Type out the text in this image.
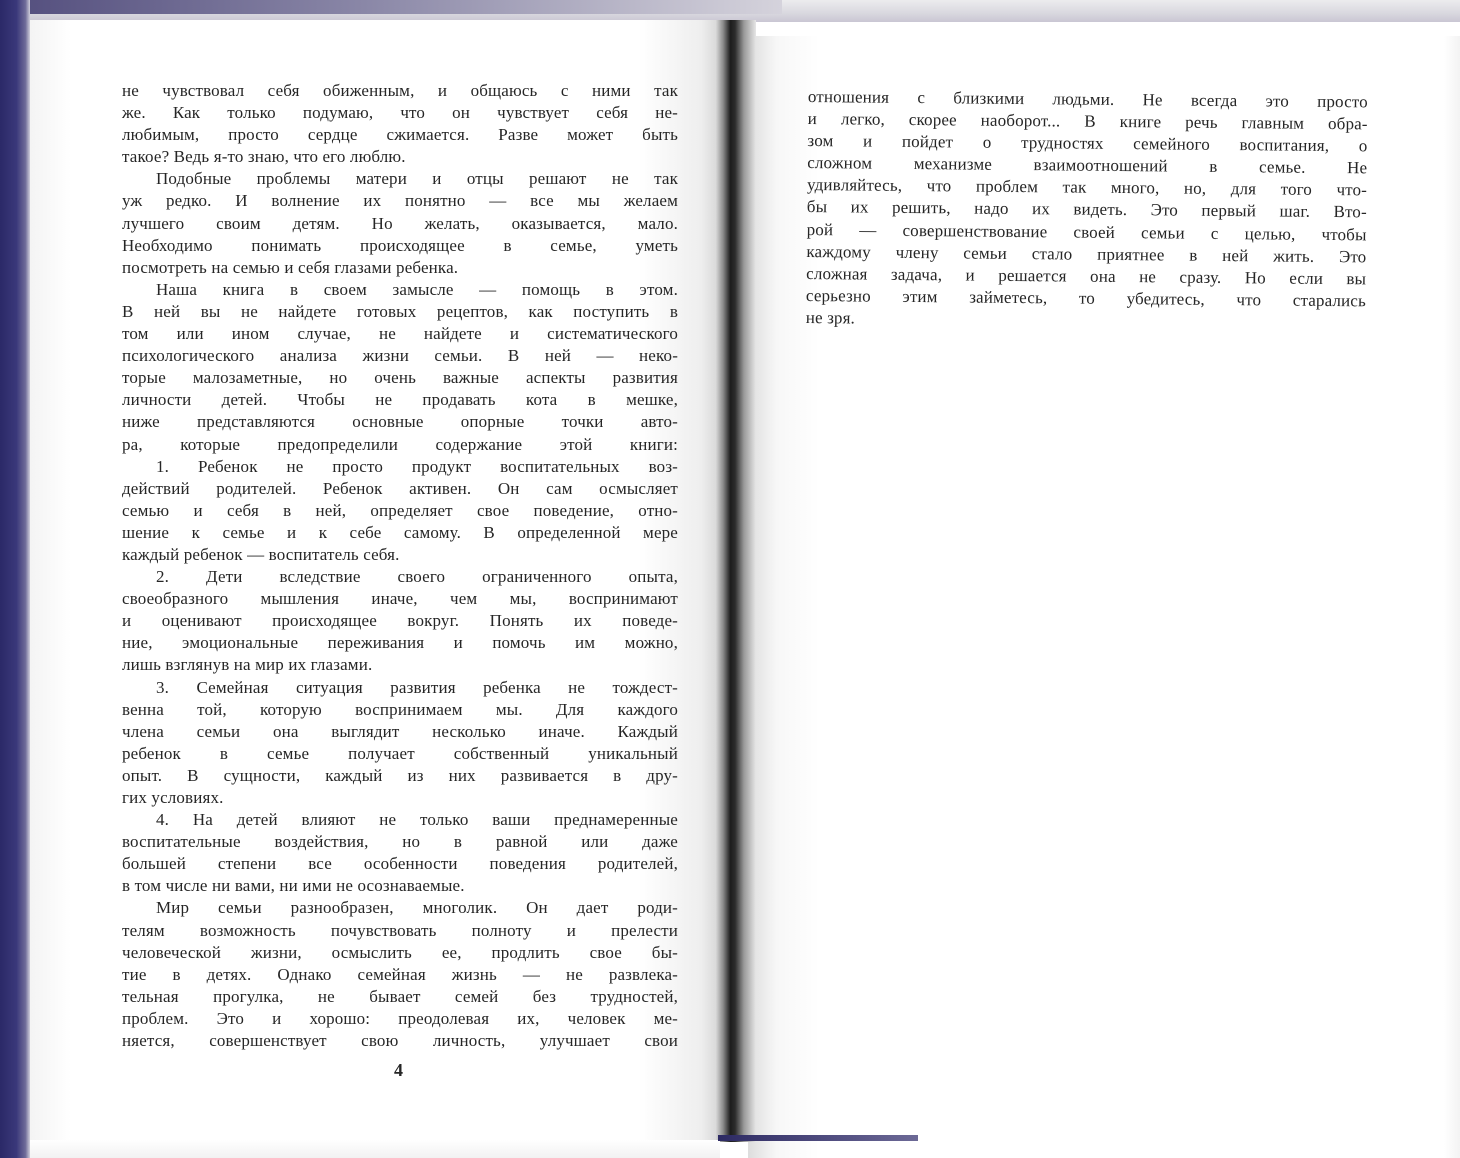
не чувствовал себя обиженным, и общаюсь с ними так
же. Как только подумаю, что он чувствует себя не-
любимым, просто сердце сжимается. Разве может быть
такое? Ведь я-то знаю, что его люблю.
Подобные проблемы матери и отцы решают не так
уж редко. И волнение их понятно — все мы желаем
лучшего своим детям. Но желать, оказывается, мало.
Необходимо понимать происходящее в семье, уметь
посмотреть на семью и себя глазами ребенка.
Наша книга в своем замысле — помощь в этом.
В ней вы не найдете готовых рецептов, как поступить в
том или ином случае, не найдете и систематического
психологического анализа жизни семьи. В ней — неко-
торые малозаметные, но очень важные аспекты развития
личности детей. Чтобы не продавать кота в мешке,
ниже представляются основные опорные точки авто-
ра, которые предопределили содержание этой книги:
1. Ребенок не просто продукт воспитательных воз-
действий родителей. Ребенок активен. Он сам осмысляет
семью и себя в ней, определяет свое поведение, отно-
шение к семье и к себе самому. В определенной мере
каждый ребенок — воспитатель себя.
2. Дети вследствие своего ограниченного опыта,
своеобразного мышления иначе, чем мы, воспринимают
и оценивают происходящее вокруг. Понять их поведе-
ние, эмоциональные переживания и помочь им можно,
лишь взглянув на мир их глазами.
3. Семейная ситуация развития ребенка не тождест-
венна той, которую воспринимаем мы. Для каждого
члена семьи она выглядит несколько иначе. Каждый
ребенок в семье получает собственный уникальный
опыт. В сущности, каждый из них развивается в дру-
гих условиях.
4. На детей влияют не только ваши преднамеренные
воспитательные воздействия, но в равной или даже
большей степени все особенности поведения родителей,
в том числе ни вами, ни ими не осознаваемые.
Мир семьи разнообразен, многолик. Он дает роди-
телям возможность почувствовать полноту и прелести
человеческой жизни, осмыслить ее, продлить свое бы-
тие в детях. Однако семейная жизнь — не развлека-
тельная прогулка, не бывает семей без трудностей,
проблем. Это и хорошо: преодолевая их, человек ме-
няется, совершенствует свою личность, улучшает свои
4
отношения с близкими людьми. Не всегда это просто
и легко, скорее наоборот... В книге речь главным обра-
зом и пойдет о трудностях семейного воспитания, о
сложном механизме взаимоотношений в семье. Не
удивляйтесь, что проблем так много, но, для того что-
бы их решить, надо их видеть. Это первый шаг. Вто-
рой — совершенствование своей семьи с целью, чтобы
каждому члену семьи стало приятнее в ней жить. Это
сложная задача, и решается она не сразу. Но если вы
серьезно этим займетесь, то убедитесь, что старались
не зря.
